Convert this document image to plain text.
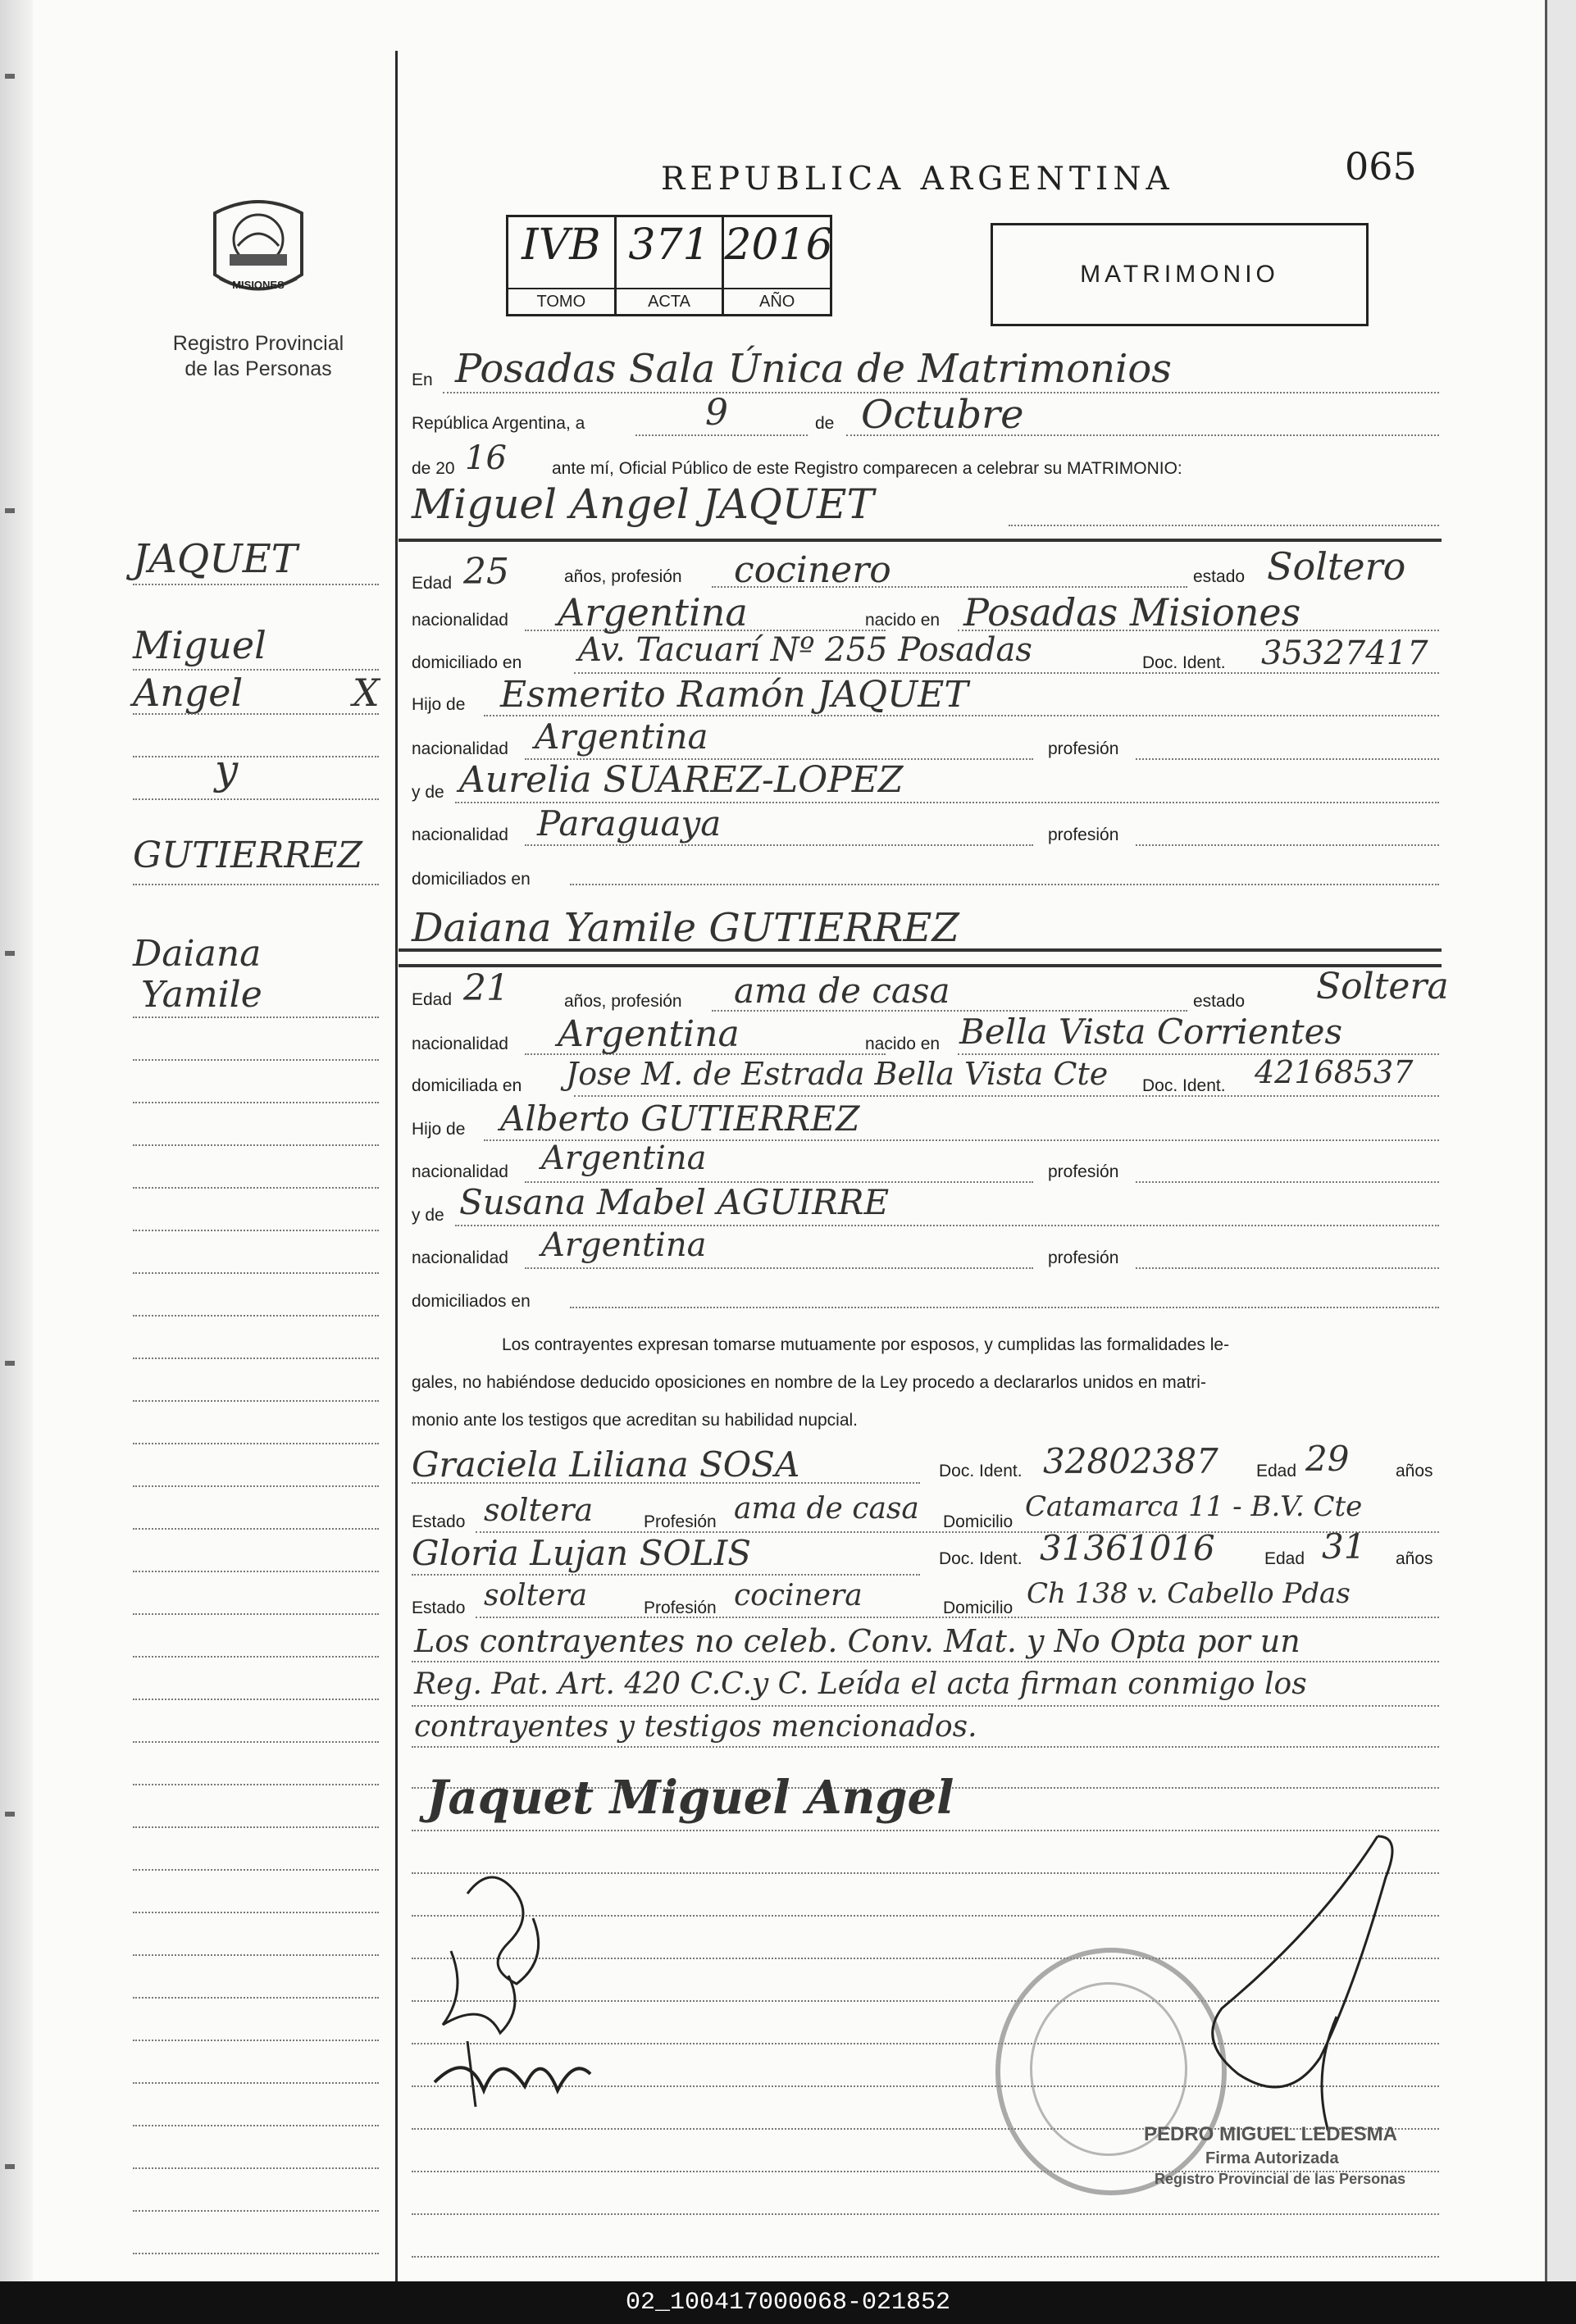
MISIONES
Registro Provincial
de las Personas
REPUBLICA ARGENTINA	065
IVB
TOMO
371
ACTA
2016
AÑO
MATRIMONIO
En Posadas Sala Única de Matrimonios
República Argentina, a	9	de Octubre
de 20 16	ante mí, Oficial Público de este Registro comparecen a celebrar su MATRIMONIO:
Miguel Angel JAQUET
Edad 25	años, profesión cocinero	estado Soltero
nacionalidad Argentina	nacido en Posadas Misiones
domiciliado en Av. Tacuarí Nº 255 Posadas	Doc. Ident. 35327417
Hijo de Esmerito Ramón JAQUET
nacionalidad Argentina	profesión
y de Aurelia SUAREZ-LOPEZ
nacionalidad Paraguaya	profesión
domiciliados en
Daiana Yamile GUTIERREZ
Edad 21	años, profesión ama de casa	estado Soltera
nacionalidad Argentina	nacido en Bella Vista Corrientes
domiciliada en Jose M. de Estrada Bella Vista Cte Doc. Ident. 42168537
Hijo de Alberto GUTIERREZ
nacionalidad Argentina	profesión
y de Susana Mabel AGUIRRE
nacionalidad Argentina	profesión
domiciliados en
Los contrayentes expresan tomarse mutuamente por esposos, y cumplidas las formalidades le-
gales, no habiéndose deducido oposiciones en nombre de la Ley procedo a declararlos unidos en matri-
monio ante los testigos que acreditan su habilidad nupcial.
Graciela Liliana SOSA	Doc. Ident. 32802387 Edad 29	años
Estado soltera	Profesión ama de casa Domicilio Catamarca 11 - B.V. Cte
Gloria Lujan SOLIS	Doc. Ident. 31361016	Edad 31 años
Estado soltera	Profesión cocinera	Domicilio Ch 138 v. Cabello Pdas
Los contrayentes no celeb. Conv. Mat. y No Opta por un
Reg. Pat. Art. 420 C.C.y C. Leída el acta firman conmigo los
contrayentes y testigos mencionados.
Jaquet Miguel Angel
PEDRO MIGUEL LEDESMA
Firma Autorizada
Registro Provincial de las Personas
JAQUET
Miguel
Angel	X
y
GUTIERREZ
Daiana
Yamile
02_100417000068-021852
